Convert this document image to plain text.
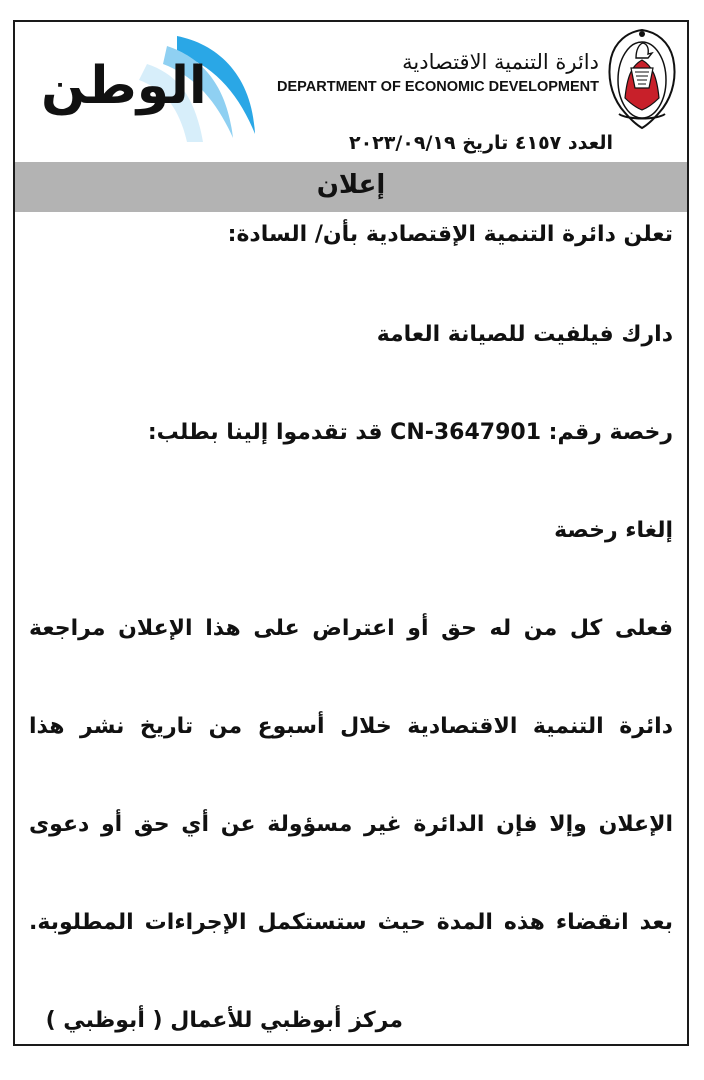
الوطن	دائرة التنمية الاقتصادية
DEPARTMENT OF ECONOMIC DEVELOPMENT
العدد ٤١٥٧ تاريخ ٢٠٢٣/٠٩/١٩
إعلان
تعلن دائرة التنمية الإقتصادية بأن/ السادة:
دارك فيلفيت للصيانة العامة
رخصة رقم: CN-3647901 قد تقدموا إلينا بطلب:
إلغاء رخصة
فعلى كل من له حق أو اعتراض على هذا الإعلان مراجعة
دائرة التنمية الاقتصادية خلال أسبوع من تاريخ نشر هذا
الإعلان وإلا فإن الدائرة غير مسؤولة عن أي حق أو دعوى
بعد انقضاء هذه المدة حيث ستستكمل الإجراءات المطلوبة.
مركز أبوظبي للأعمال ( أبوظبي )
